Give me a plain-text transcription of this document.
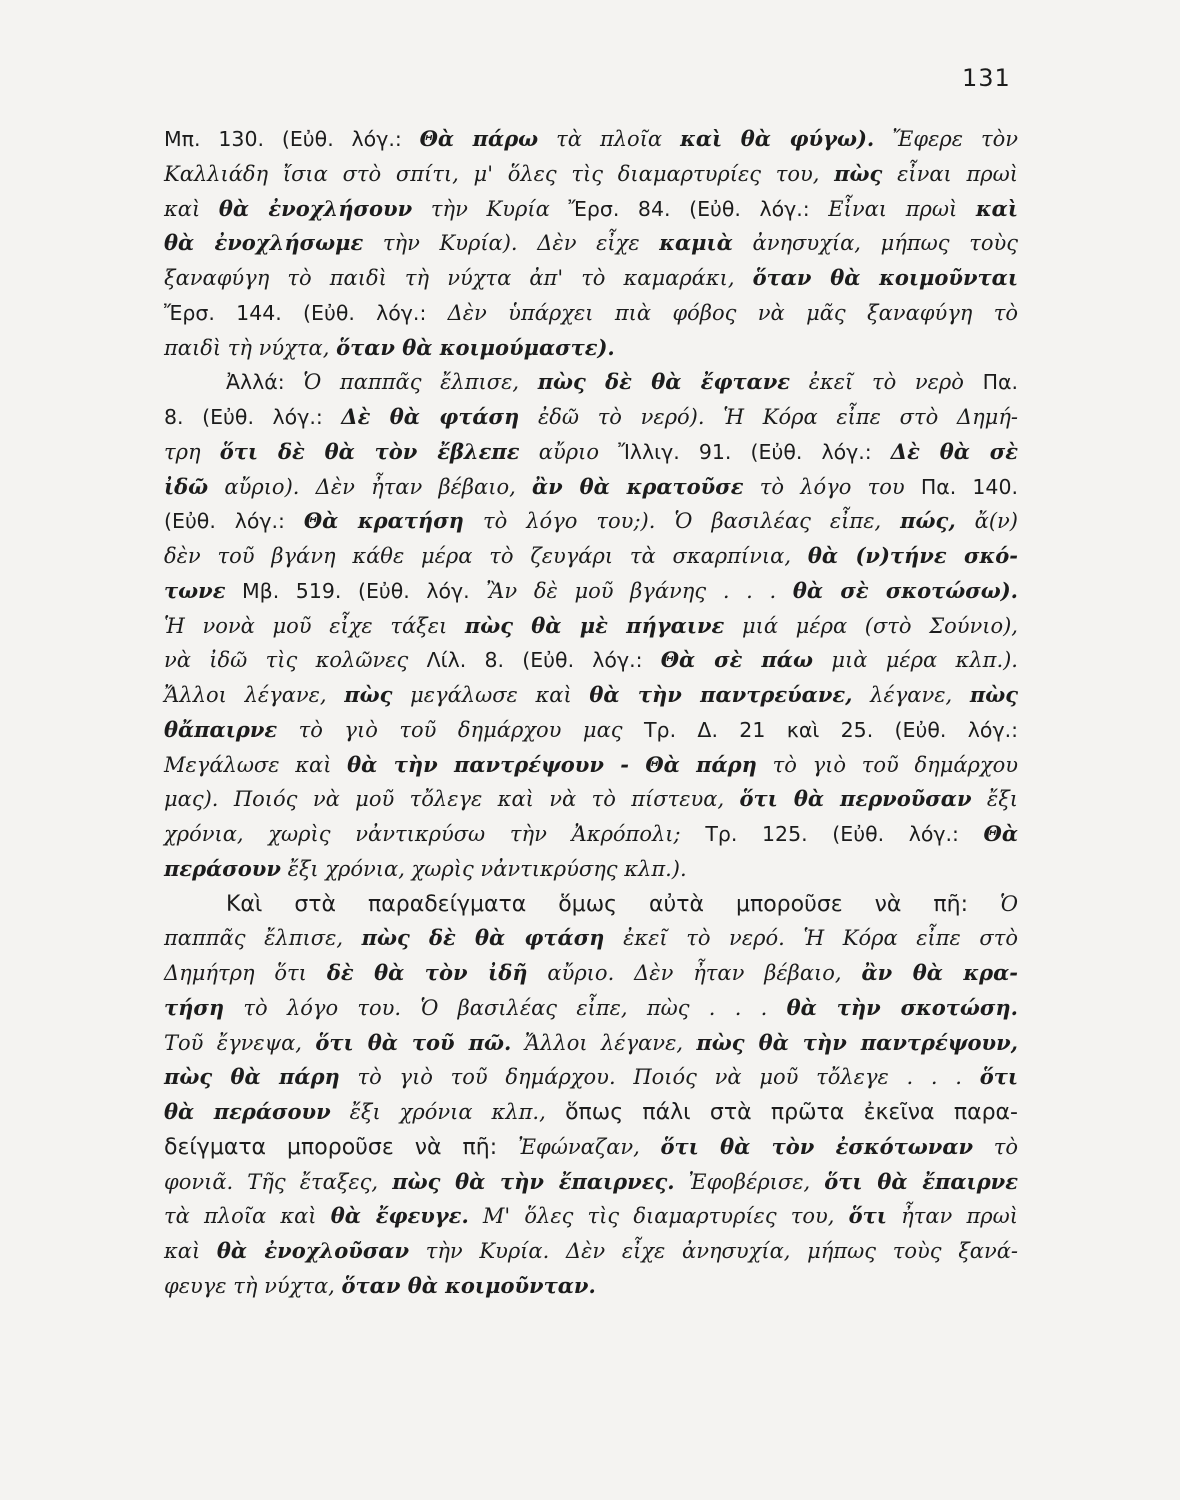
131
Μπ. 130. (Εὐθ. λόγ.: Θὰ πάρω τὰ πλοῖα καὶ θὰ φύγω). Ἔφερε τὸν
Καλλιάδη ἴσια στὸ σπίτι, μ' ὅλες τὶς διαμαρτυρίες του, πὼς εἶναι πρωὶ
καὶ θὰ ἐνοχλήσουν τὴν Κυρία Ἔρσ. 84. (Εὐθ. λόγ.: Εἶναι πρωὶ καὶ
θὰ ἐνοχλήσωμε τὴν Κυρία). Δὲν εἶχε καμιὰ ἀνησυχία, μήπως τοὺς
ξαναφύγη τὸ παιδὶ τὴ νύχτα ἀπ' τὸ καμαράκι, ὅταν θὰ κοιμοῦνται
Ἔρσ. 144. (Εὐθ. λόγ.: Δὲν ὑπάρχει πιὰ φόβος νὰ μᾶς ξαναφύγη τὸ
παιδὶ τὴ νύχτα, ὅταν θὰ κοιμούμαστε).
Ἀλλά: Ὁ παππᾶς ἔλπισε, πὼς δὲ θὰ ἔφτανε ἐκεῖ τὸ νερὸ Πα.
8. (Εὐθ. λόγ.: Δὲ θὰ φτάση ἐδῶ τὸ νερό). Ἡ Κόρα εἶπε στὸ Δημή-
τρη ὅτι δὲ θὰ τὸν ἔβλεπε αὔριο Ἴλλιγ. 91. (Εὐθ. λόγ.: Δὲ θὰ σὲ
ἰδῶ αὔριο). Δὲν ἦταν βέβαιο, ἂν θὰ κρατοῦσε τὸ λόγο του Πα. 140.
(Εὐθ. λόγ.: Θὰ κρατήση τὸ λόγο του;). Ὁ βασιλέας εἶπε, πώς, ἄ(ν)
δὲν τοῦ βγάνη κάθε μέρα τὸ ζευγάρι τὰ σκαρπίνια, θὰ (ν)τήνε σκό-
τωνε Μβ. 519. (Εὐθ. λόγ. Ἂν δὲ μοῦ βγάνης . . . θὰ σὲ σκοτώσω).
Ἡ νονὰ μοῦ εἶχε τάξει πὼς θὰ μὲ πήγαινε μιά μέρα (στὸ Σούνιο),
νὰ ἰδῶ τὶς κολῶνες Λίλ. 8. (Εὐθ. λόγ.: Θὰ σὲ πάω μιὰ μέρα κλπ.).
Ἄλλοι λέγανε, πὼς μεγάλωσε καὶ θὰ τὴν παντρεύανε, λέγανε, πὼς
θἄπαιρνε τὸ γιὸ τοῦ δημάρχου μας Τρ. Δ. 21 καὶ 25. (Εὐθ. λόγ.:
Μεγάλωσε καὶ θὰ τὴν παντρέψουν - Θὰ πάρη τὸ γιὸ τοῦ δημάρχου
μας). Ποιός νὰ μοῦ τὄλεγε καὶ νὰ τὸ πίστευα, ὅτι θὰ περνοῦσαν ἔξι
χρόνια, χωρὶς νἀντικρύσω τὴν Ἀκρόπολι; Τρ. 125. (Εὐθ. λόγ.: Θὰ
περάσουν ἔξι χρόνια, χωρὶς νἀντικρύσης κλπ.).
Καὶ στὰ παραδείγματα ὅμως αὐτὰ μποροῦσε νὰ πῆ: Ὁ
παππᾶς ἔλπισε, πὼς δὲ θὰ φτάση ἐκεῖ τὸ νερό. Ἡ Κόρα εἶπε στὸ
Δημήτρη ὅτι δὲ θὰ τὸν ἰδῆ αὔριο. Δὲν ἦταν βέβαιο, ἂν θὰ κρα-
τήση τὸ λόγο του. Ὁ βασιλέας εἶπε, πὼς . . . θὰ τὴν σκοτώση.
Τοῦ ἔγνεψα, ὅτι θὰ τοῦ πῶ. Ἄλλοι λέγανε, πὼς θὰ τὴν παντρέψουν,
πὼς θὰ πάρη τὸ γιὸ τοῦ δημάρχου. Ποιός νὰ μοῦ τὄλεγε . . . ὅτι
θὰ περάσουν ἔξι χρόνια κλπ., ὅπως πάλι στὰ πρῶτα ἐκεῖνα παρα-
δείγματα μποροῦσε νὰ πῆ: Ἐφώναζαν, ὅτι θὰ τὸν ἐσκότωναν τὸ
φονιᾶ. Τῆς ἔταξες, πὼς θὰ τὴν ἔπαιρνες. Ἐφοβέρισε, ὅτι θὰ ἔπαιρνε
τὰ πλοῖα καὶ θὰ ἔφευγε. Μ' ὅλες τὶς διαμαρτυρίες του, ὅτι ἦταν πρωὶ
καὶ θὰ ἐνοχλοῦσαν τὴν Κυρία. Δὲν εἶχε ἀνησυχία, μήπως τοὺς ξανά-
φευγε τὴ νύχτα, ὅταν θὰ κοιμοῦνταν.
